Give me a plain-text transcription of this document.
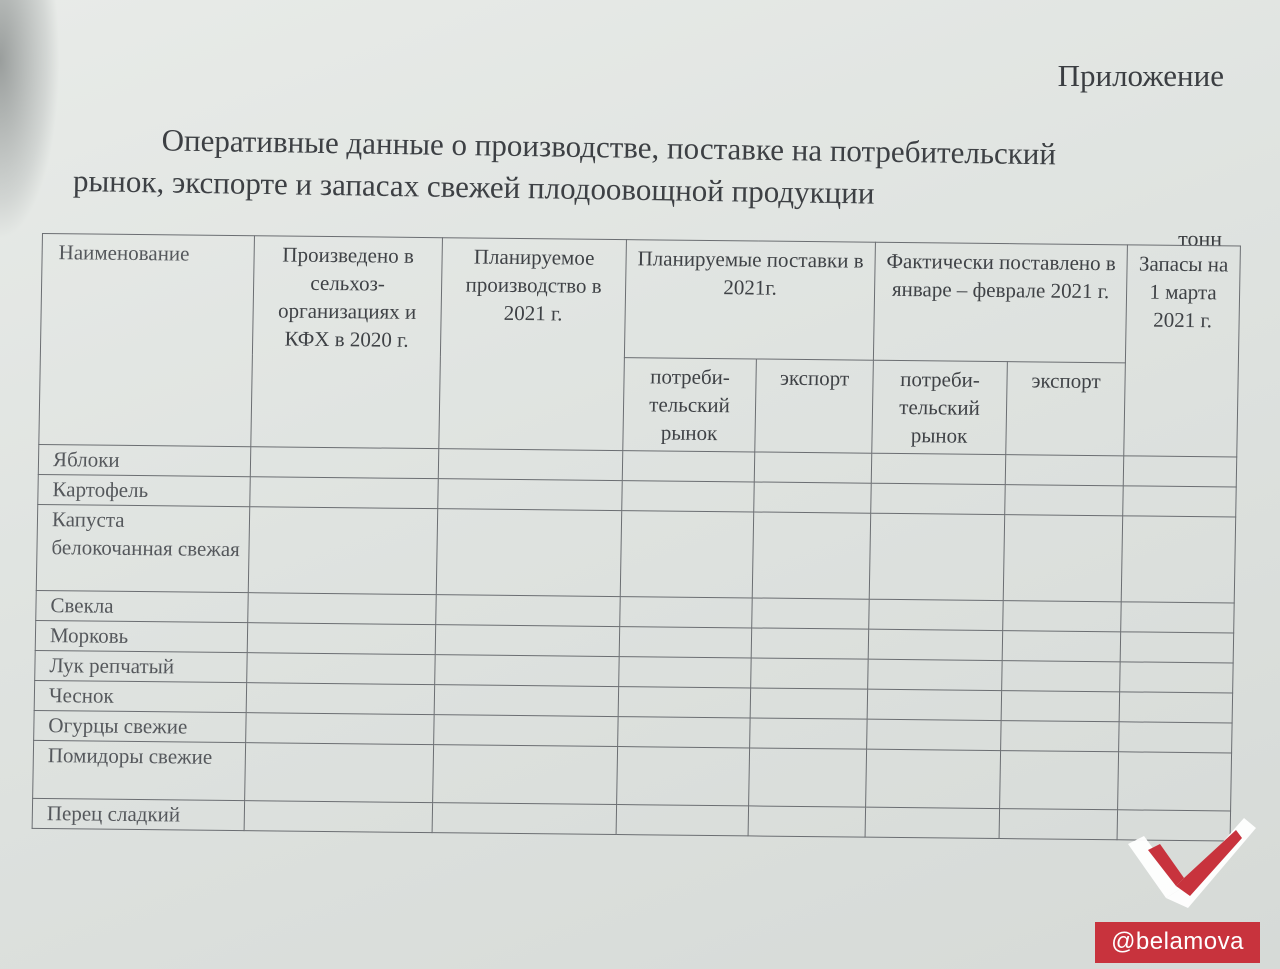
Приложение
Оперативные данные о производстве, поставке на потребительский
рынок, экспорте и запасах свежей плодоовощной продукции
тонн
Наименование	Произведено в сельхоз- организациях и КФХ в 2020 г.	Планируемое производство в 2021 г.	Планируемые поставки в 2021г.		Фактически поставлено в январе – феврале 2021 г.		Запасы на 1 марта 2021 г.
			потреби- тельский рынок	экспорт	потреби- тельский рынок	экспорт	
Яблоки							
Картофель							
Капуста белокочанная свежая							
Свекла							
Морковь							
Лук репчатый							
Чеснок							
Огурцы свежие							
Помидоры свежие							
Перец сладкий							
@belamova
